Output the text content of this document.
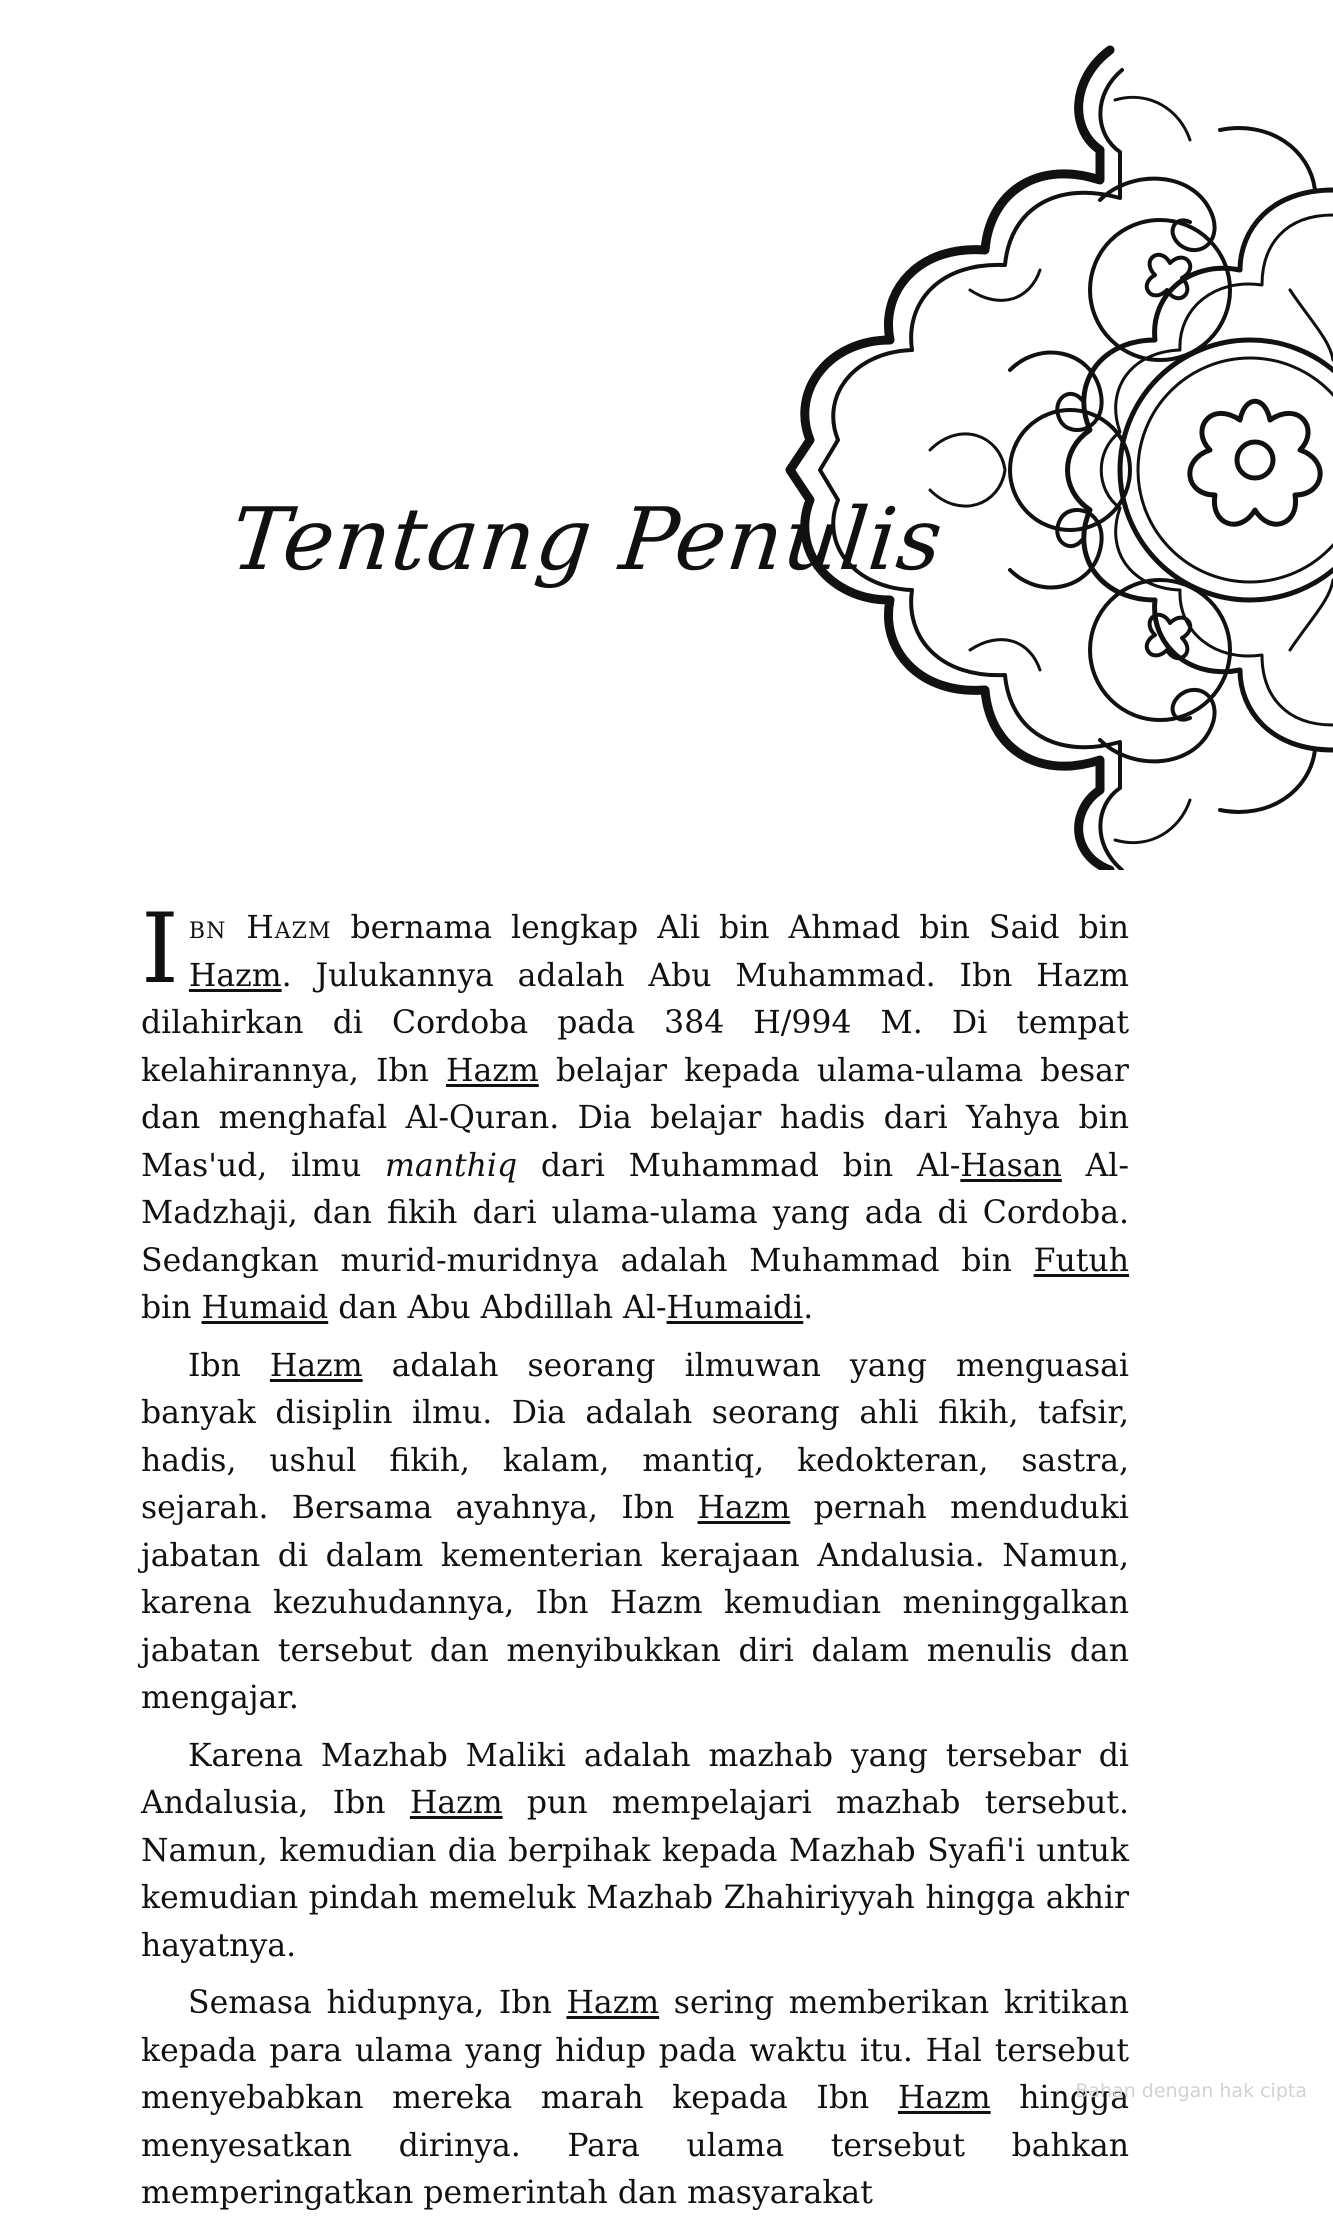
Tentang Penulis

Ibn Hazm bernama lengkap Ali bin Ahmad bin Said bin Hazm. Julukannya adalah Abu Muhammad. Ibn Hazm dilahirkan di Cordoba pada 384 H/994 M. Di tempat kelahirannya, Ibn Hazm belajar kepada ulama-ulama besar dan menghafal Al-Quran. Dia belajar hadis dari Yahya bin Mas'ud, ilmu manthiq dari Muhammad bin Al-Hasan Al-Madzhaji, dan fikih dari ulama-ulama yang ada di Cordoba. Sedangkan murid-muridnya adalah Muhammad bin Futuh bin Humaid dan Abu Abdillah Al-Humaidi.

Ibn Hazm adalah seorang ilmuwan yang menguasai banyak disiplin ilmu. Dia adalah seorang ahli fikih, tafsir, hadis, ushul fikih, kalam, mantiq, kedokteran, sastra, sejarah. Bersama ayahnya, Ibn Hazm pernah menduduki jabatan di dalam kementerian kerajaan Andalusia. Namun, karena kezuhudannya, Ibn Hazm kemudian meninggalkan jabatan tersebut dan menyibukkan diri dalam menulis dan mengajar.

Karena Mazhab Maliki adalah mazhab yang tersebar di Andalusia, Ibn Hazm pun mempelajari mazhab tersebut. Namun, kemudian dia berpihak kepada Mazhab Syafi'i untuk kemudian pindah memeluk Mazhab Zhahiriyyah hingga akhir hayatnya.

Semasa hidupnya, Ibn Hazm sering memberikan kritikan kepada para ulama yang hidup pada waktu itu. Hal tersebut menyebabkan mereka marah kepada Ibn Hazm hingga menyesatkan dirinya. Para ulama tersebut bahkan memperingatkan pemerintah dan masyarakat

Bahan dengan hak cipta
